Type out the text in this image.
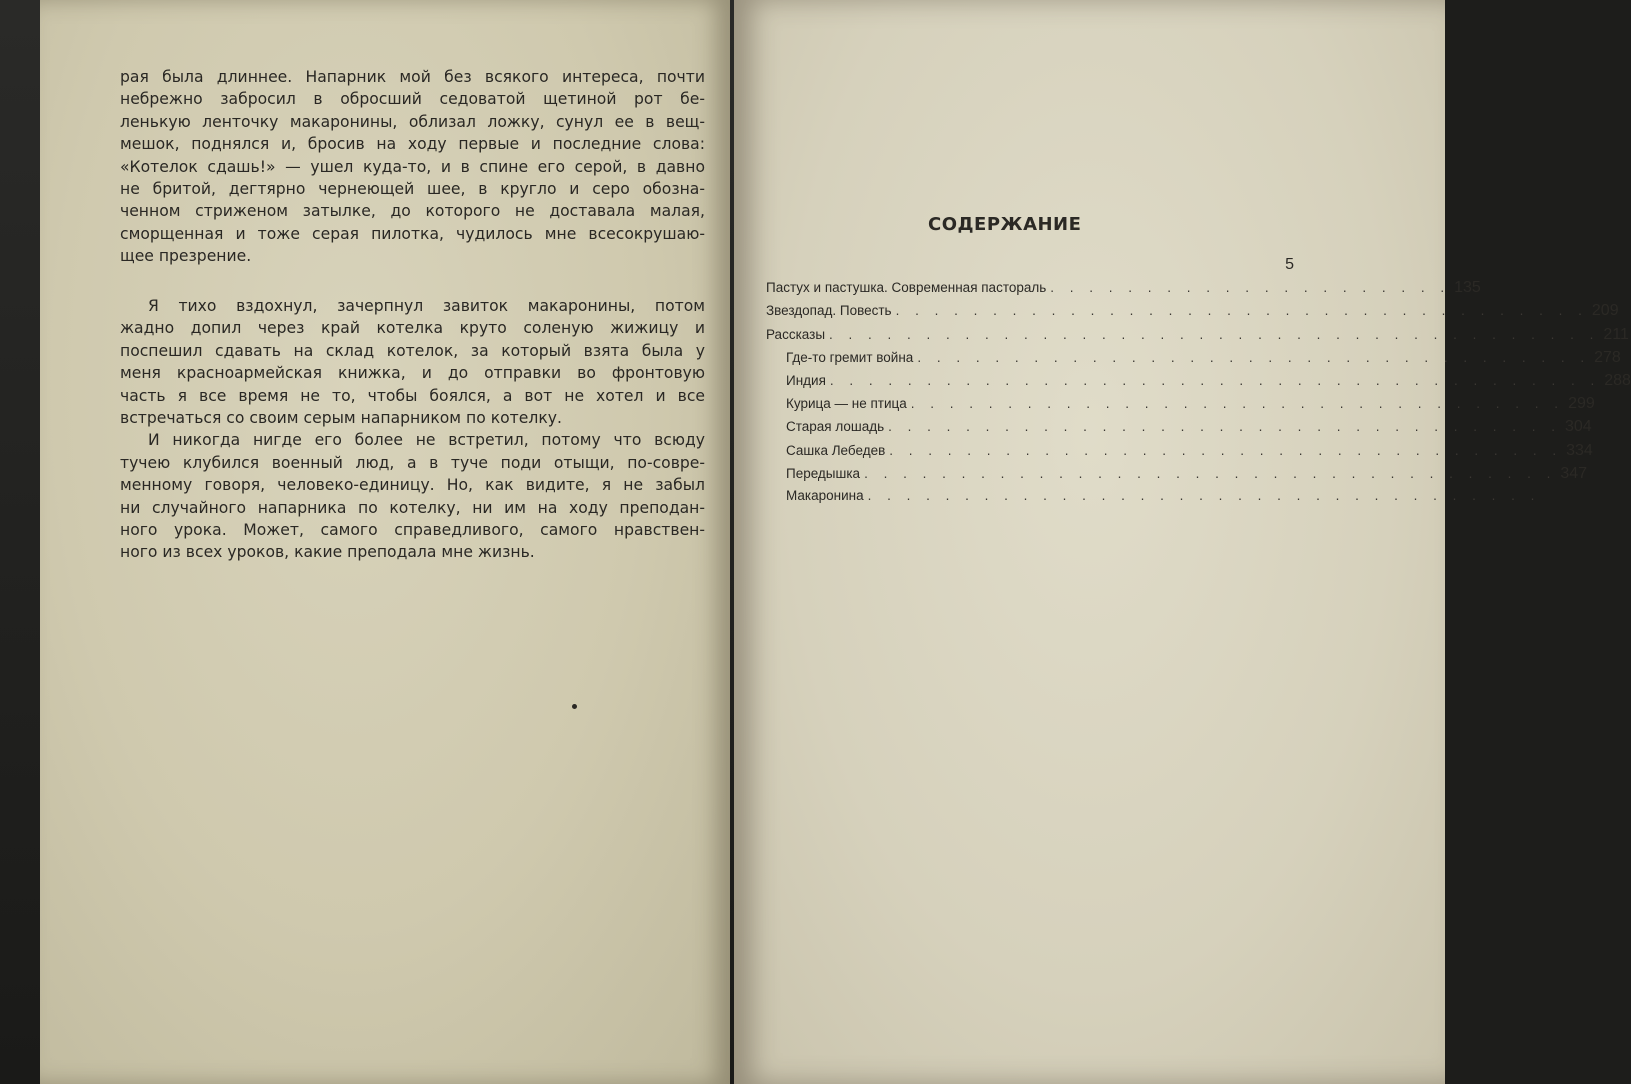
рая была длиннее. Напарник мой без всякого интереса, почти
небрежно забросил в обросший седоватой щетиной рот бе-
ленькую ленточку макаронины, облизал ложку, сунул ее в вещ-
мешок, поднялся и, бросив на ходу первые и последние слова:
«Котелок сдашь!» — ушел куда-то, и в спине его серой, в давно
не бритой, дегтярно чернеющей шее, в кругло и серо обозна-
ченном стриженом затылке, до которого не доставала малая,
сморщенная и тоже серая пилотка, чудилось мне всесокрушаю-
щее презрение.
Я тихо вздохнул, зачерпнул завиток макаронины, потом
жадно допил через край котелка круто соленую жижицу и
поспешил сдавать на склад котелок, за который взята была у
меня красноармейская книжка, и до отправки во фронтовую
часть я все время не то, чтобы боялся, а вот не хотел и все
встречаться со своим серым напарником по котелку.
И никогда нигде его более не встретил, потому что всюду
тучею клубился военный люд, а в туче поди отыщи, по-совре-
менному говоря, человеко-единицу. Но, как видите, я не забыл
ни случайного напарника по котелку, ни им на ходу преподан-
ного урока. Может, самого справедливого, самого нравствен-
ного из всех уроков, какие преподала мне жизнь.
СОДЕРЖАНИЕ
5
Пастух и пастушка. Современная пастораль . . . . . . . . . . . . . . . . . . . . . 135
Звездопад. Повесть . . . . . . . . . . . . . . . . . . . . . . . . . . . . . . . . . . . . 209
Рассказы . . . . . . . . . . . . . . . . . . . . . . . . . . . . . . . . . . . . . . . . 211
Где-то гремит война . . . . . . . . . . . . . . . . . . . . . . . . . . . . . . . . . . . 278
Индия . . . . . . . . . . . . . . . . . . . . . . . . . . . . . . . . . . . . . . . . 288
Курица — не птица . . . . . . . . . . . . . . . . . . . . . . . . . . . . . . . . . . 299
Старая лошадь . . . . . . . . . . . . . . . . . . . . . . . . . . . . . . . . . . . 304
Сашка Лебедев . . . . . . . . . . . . . . . . . . . . . . . . . . . . . . . . . . . 334
Передышка . . . . . . . . . . . . . . . . . . . . . . . . . . . . . . . . . . . . 347
Макаронина . . . . . . . . . . . . . . . . . . . . . . . . . . . . . . . . . . .
